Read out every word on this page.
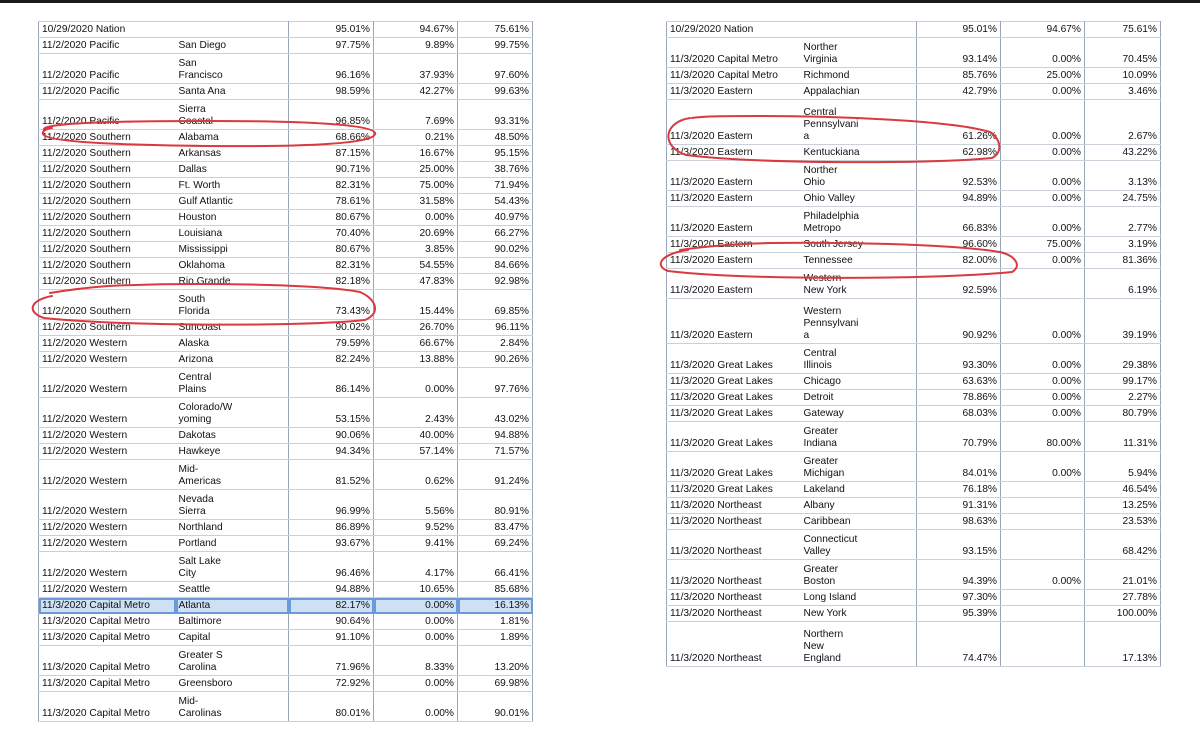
10/29/2020 Nation		95.01%	94.67%	75.61%
11/2/2020 Pacific	San Diego	97.75%	9.89%	99.75%
11/2/2020 Pacific	San
Francisco	96.16%	37.93%	97.60%
11/2/2020 Pacific	Santa Ana	98.59%	42.27%	99.63%
11/2/2020 Pacific	Sierra
Coastal	96.85%	7.69%	93.31%
11/2/2020 Southern	Alabama	68.66%	0.21%	48.50%
11/2/2020 Southern	Arkansas	87.15%	16.67%	95.15%
11/2/2020 Southern	Dallas	90.71%	25.00%	38.76%
11/2/2020 Southern	Ft. Worth	82.31%	75.00%	71.94%
11/2/2020 Southern	Gulf Atlantic	78.61%	31.58%	54.43%
11/2/2020 Southern	Houston	80.67%	0.00%	40.97%
11/2/2020 Southern	Louisiana	70.40%	20.69%	66.27%
11/2/2020 Southern	Mississippi	80.67%	3.85%	90.02%
11/2/2020 Southern	Oklahoma	82.31%	54.55%	84.66%
11/2/2020 Southern	Rio Grande	82.18%	47.83%	92.98%
11/2/2020 Southern	South
Florida	73.43%	15.44%	69.85%
11/2/2020 Southern	Suncoast	90.02%	26.70%	96.11%
11/2/2020 Western	Alaska	79.59%	66.67%	2.84%
11/2/2020 Western	Arizona	82.24%	13.88%	90.26%
11/2/2020 Western	Central
Plains	86.14%	0.00%	97.76%
11/2/2020 Western	Colorado/W
yoming	53.15%	2.43%	43.02%
11/2/2020 Western	Dakotas	90.06%	40.00%	94.88%
11/2/2020 Western	Hawkeye	94.34%	57.14%	71.57%
11/2/2020 Western	Mid-
Americas	81.52%	0.62%	91.24%
11/2/2020 Western	Nevada
Sierra	96.99%	5.56%	80.91%
11/2/2020 Western	Northland	86.89%	9.52%	83.47%
11/2/2020 Western	Portland	93.67%	9.41%	69.24%
11/2/2020 Western	Salt Lake
City	96.46%	4.17%	66.41%
11/2/2020 Western	Seattle	94.88%	10.65%	85.68%
11/3/2020 Capital Metro	Atlanta	82.17%	0.00%	16.13%
11/3/2020 Capital Metro	Baltimore	90.64%	0.00%	1.81%
11/3/2020 Capital Metro	Capital	91.10%	0.00%	1.89%
11/3/2020 Capital Metro	Greater S
Carolina	71.96%	8.33%	13.20%
11/3/2020 Capital Metro	Greensboro	72.92%	0.00%	69.98%
11/3/2020 Capital Metro	Mid-
Carolinas	80.01%	0.00%	90.01%
10/29/2020 Nation		95.01%	94.67%	75.61%
11/3/2020 Capital Metro	Norther
Virginia	93.14%	0.00%	70.45%
11/3/2020 Capital Metro	Richmond	85.76%	25.00%	10.09%
11/3/2020 Eastern	Appalachian	42.79%	0.00%	3.46%
11/3/2020 Eastern	Central
Pennsylvani
a	61.26%	0.00%	2.67%
11/3/2020 Eastern	Kentuckiana	62.98%	0.00%	43.22%
11/3/2020 Eastern	Norther
Ohio	92.53%	0.00%	3.13%
11/3/2020 Eastern	Ohio Valley	94.89%	0.00%	24.75%
11/3/2020 Eastern	Philadelphia
Metropo	66.83%	0.00%	2.77%
11/3/2020 Eastern	South Jersey	96.60%	75.00%	3.19%
11/3/2020 Eastern	Tennessee	82.00%	0.00%	81.36%
11/3/2020 Eastern	Western
New York	92.59%		6.19%
11/3/2020 Eastern	Western
Pennsylvani
a	90.92%	0.00%	39.19%
11/3/2020 Great Lakes	Central
Illinois	93.30%	0.00%	29.38%
11/3/2020 Great Lakes	Chicago	63.63%	0.00%	99.17%
11/3/2020 Great Lakes	Detroit	78.86%	0.00%	2.27%
11/3/2020 Great Lakes	Gateway	68.03%	0.00%	80.79%
11/3/2020 Great Lakes	Greater
Indiana	70.79%	80.00%	11.31%
11/3/2020 Great Lakes	Greater
Michigan	84.01%	0.00%	5.94%
11/3/2020 Great Lakes	Lakeland	76.18%		46.54%
11/3/2020 Northeast	Albany	91.31%		13.25%
11/3/2020 Northeast	Caribbean	98.63%		23.53%
11/3/2020 Northeast	Connecticut
Valley	93.15%		68.42%
11/3/2020 Northeast	Greater
Boston	94.39%	0.00%	21.01%
11/3/2020 Northeast	Long Island	97.30%		27.78%
11/3/2020 Northeast	New York	95.39%		100.00%
11/3/2020 Northeast	Northern
New
England	74.47%		17.13%
